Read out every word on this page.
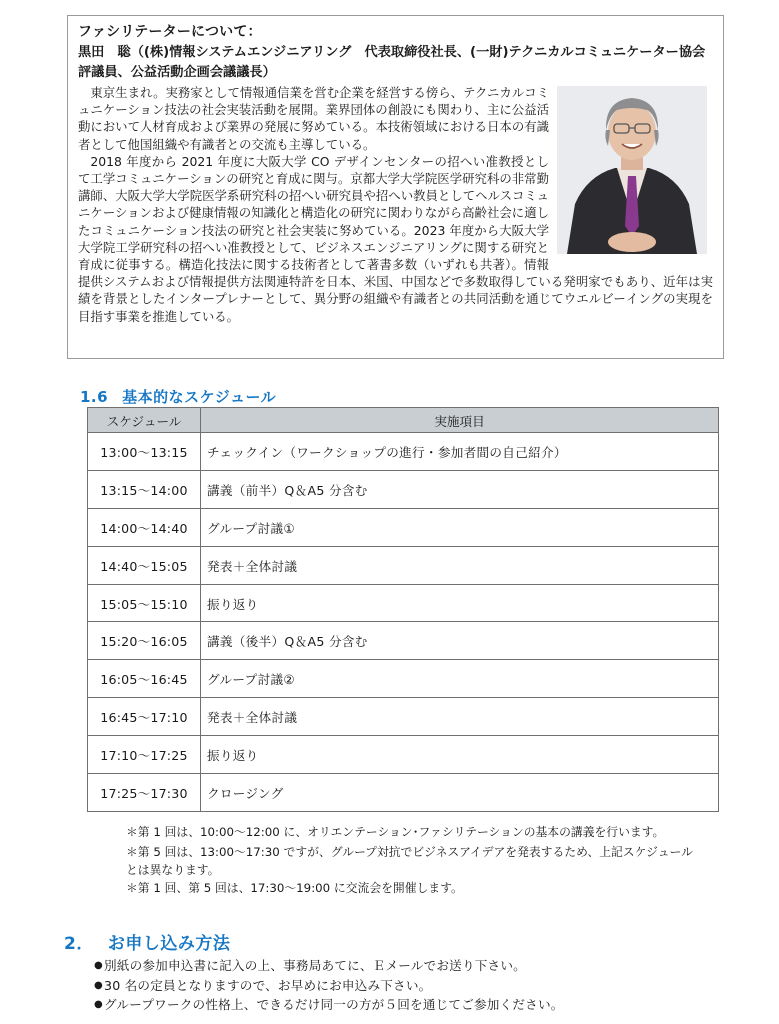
ファシリテーターについて：

黒田　聡（(株)情報システムエンジニアリング　代表取締役社長、(一財)テクニカルコミュニケーター協会　評議員、公益活動企画会議議長）

東京生まれ。実務家として情報通信業を営む企業を経営する傍ら、テクニカルコミュニケーション技法の社会実装活動を展開。業界団体の創設にも関わり、主に公益活動において人材育成および業界の発展に努めている。本技術領域における日本の有識者として他国組織や有識者との交流も主導している。

2018 年度から 2021 年度に大阪大学 CO デザインセンターの招へい准教授として工学コミュニケーションの研究と育成に関与。京都大学大学院医学研究科の非常勤講師、大阪大学大学院医学系研究科の招へい研究員や招へい教員としてヘルスコミュニケーションおよび健康情報の知識化と構造化の研究に関わりながら高齢社会に適したコミュニケーション技法の研究と社会実装に努めている。2023 年度から大阪大学大学院工学研究科の招へい准教授として、ビジネスエンジニアリングに関する研究と育成に従事する。構造化技法に関する技術者として著書多数（いずれも共著）。情報提供システムおよび情報提供方法関連特許を日本、米国、中国などで多数取得している発明家でもあり、近年は実績を背景としたインタープレナーとして、異分野の組織や有識者との共同活動を通じてウエルビーイングの実現を目指す事業を推進している。

1.6 基本的なスケジュール
スケジュール	実施項目
13:00～13:15	チェックイン（ワークショップの進行・参加者間の自己紹介）
13:15～14:00	講義（前半）Q＆A5 分含む
14:00～14:40	グループ討議①
14:40～15:05	発表＋全体討議
15:05～15:10	振り返り
15:20～16:05	講義（後半）Q＆A5 分含む
16:05～16:45	グループ討議②
16:45～17:10	発表＋全体討議
17:10～17:25	振り返り
17:25～17:30	クロージング

＊第 1 回は、10:00～12:00 に、オリエンテーション･ファシリテーションの基本の講義を行います。

＊第 5 回は、13:00～17:30 ですが、グループ対抗でビジネスアイデアを発表するため、上記スケジュール
とは異なります。

＊第 1 回、第 5 回は、17:30～19:00 に交流会を開催します。

2． お申し込み方法
● 別紙の参加申込書に記入の上、事務局あてに、Ｅメールでお送り下さい。
● 30 名の定員となりますので、お早めにお申込み下さい。
● グループワークの性格上、できるだけ同一の方が５回を通じてご参加ください。
